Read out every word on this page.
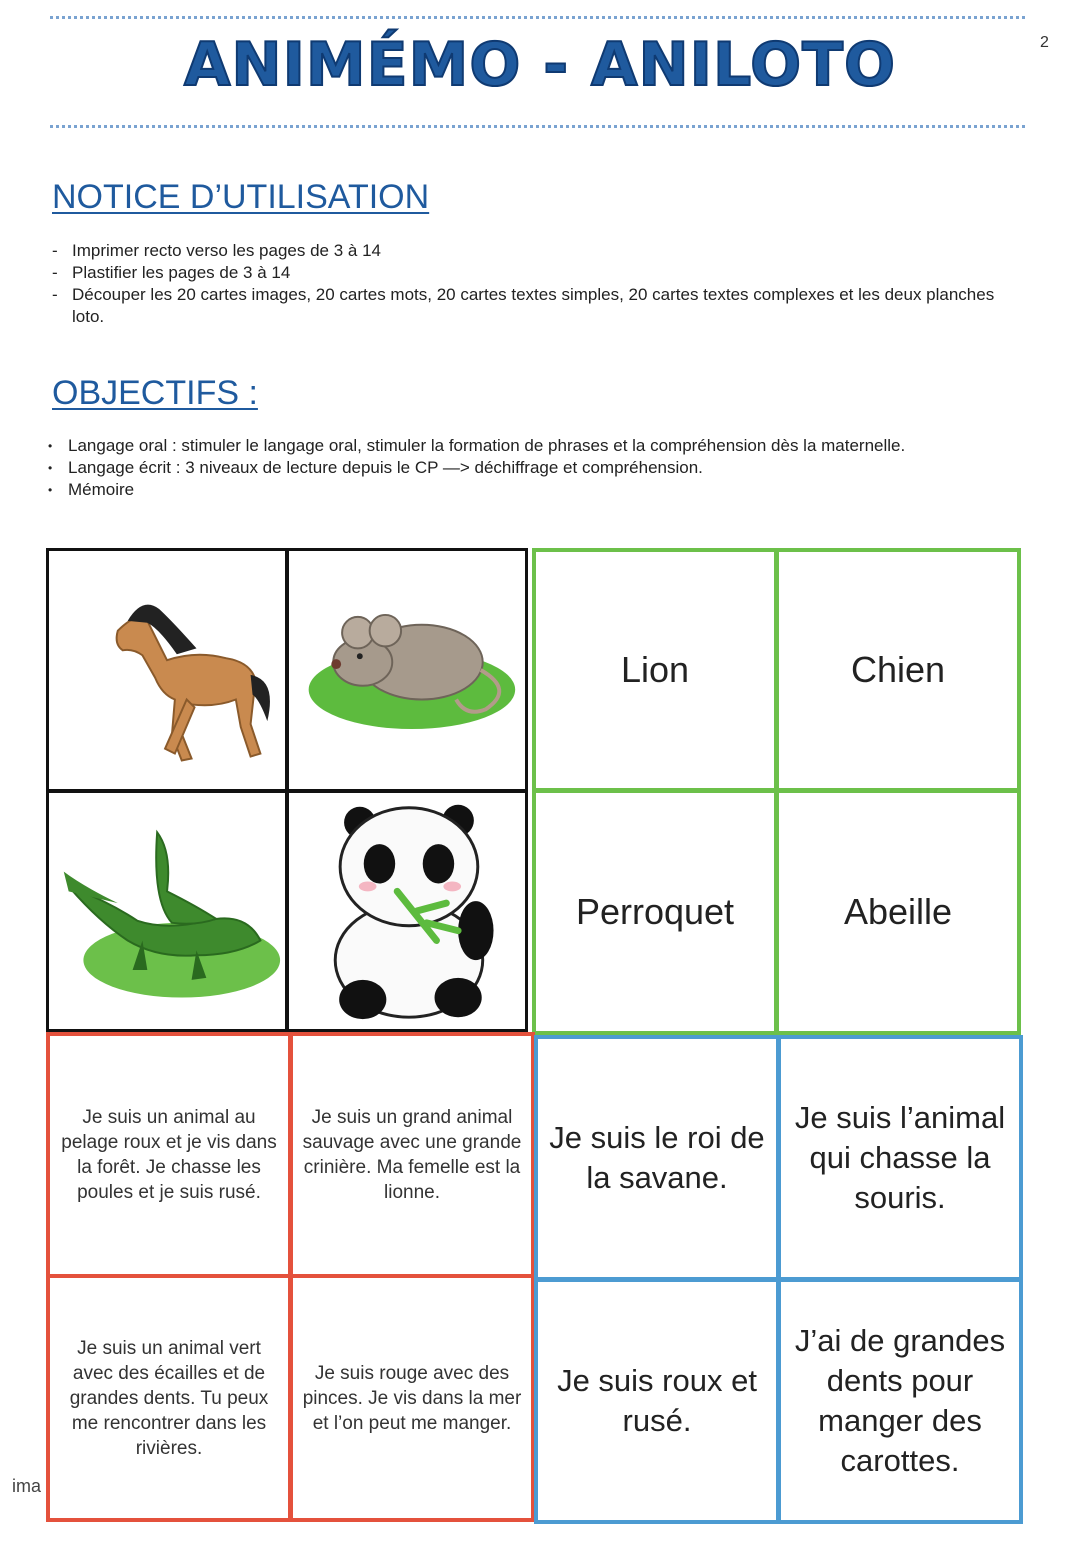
ANIMÉMO - ANILOTO	2
NOTICE D’UTILISATION
- Imprimer recto verso les pages de 3 à 14
- Plastifier les pages de 3 à 14
- Découper les 20 cartes images, 20 cartes mots, 20 cartes textes simples, 20 cartes textes complexes et les deux planches loto.
OBJECTIFS :
• Langage oral : stimuler le langage oral, stimuler la formation de phrases et la compréhension dès la maternelle.
• Langage écrit : 3 niveaux de lecture depuis le CP —> déchiffrage et compréhension.
• Mémoire
Lion	Chien
Perroquet	Abeille
Je suis un animal au pelage roux et je vis dans la forêt. Je chasse les poules et je suis rusé.
Je suis un grand animal sauvage avec une grande crinière. Ma femelle est la lionne.
Je suis un animal vert avec des écailles et de grandes dents. Tu peux me rencontrer dans les rivières.
Je suis rouge avec des pinces. Je vis dans la mer et l’on peut me manger.
Je suis le roi de la savane.
Je suis l’animal qui chasse la souris.
Je suis roux et rusé.
J’ai de grandes dents pour manger des carottes.
ima
